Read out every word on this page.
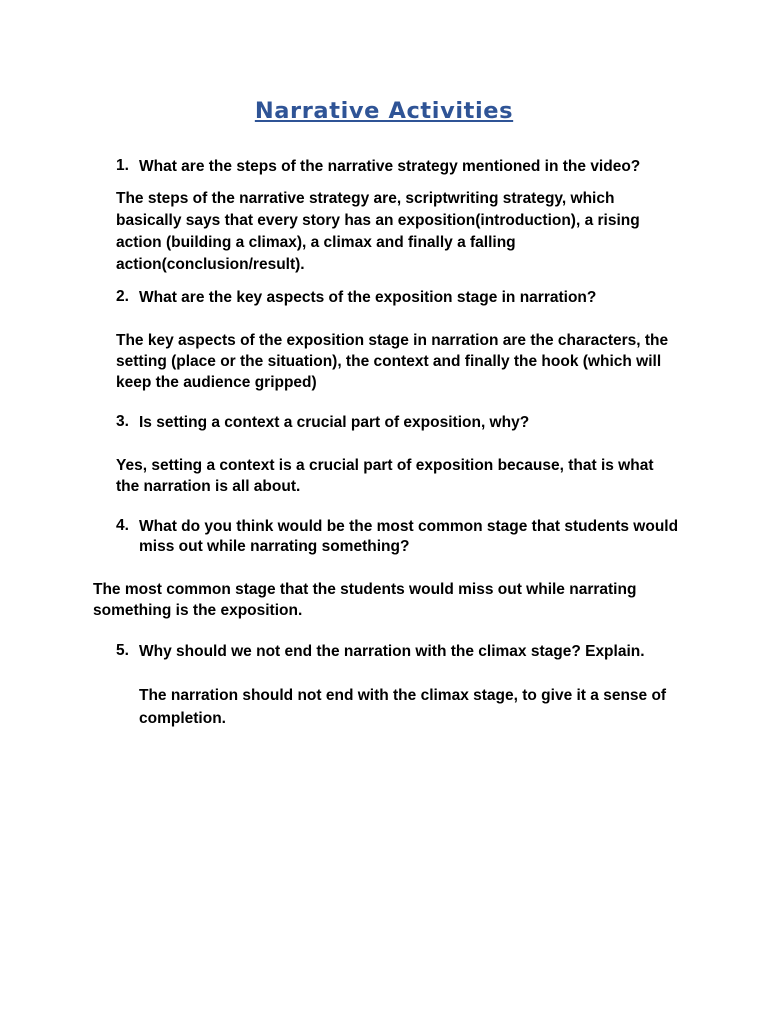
Narrative Activities
1. What are the steps of the narrative strategy mentioned in the video?
The steps of the narrative strategy are, scriptwriting strategy, which basically says that every story has an exposition(introduction), a rising action (building a climax), a climax and finally a falling action(conclusion/result).
2. What are the key aspects of the exposition stage in narration?
The key aspects of the exposition stage in narration are the characters, the setting (place or the situation), the context and finally the hook (which will keep the audience gripped)
3. Is setting a context a crucial part of exposition, why?
Yes, setting a context is a crucial part of exposition because, that is what the narration is all about.
4. What do you think would be the most common stage that students would miss out while narrating something?
The most common stage that the students would miss out while narrating something is the exposition.
5. Why should we not end the narration with the climax stage? Explain.
The narration should not end with the climax stage, to give it a sense of completion.
